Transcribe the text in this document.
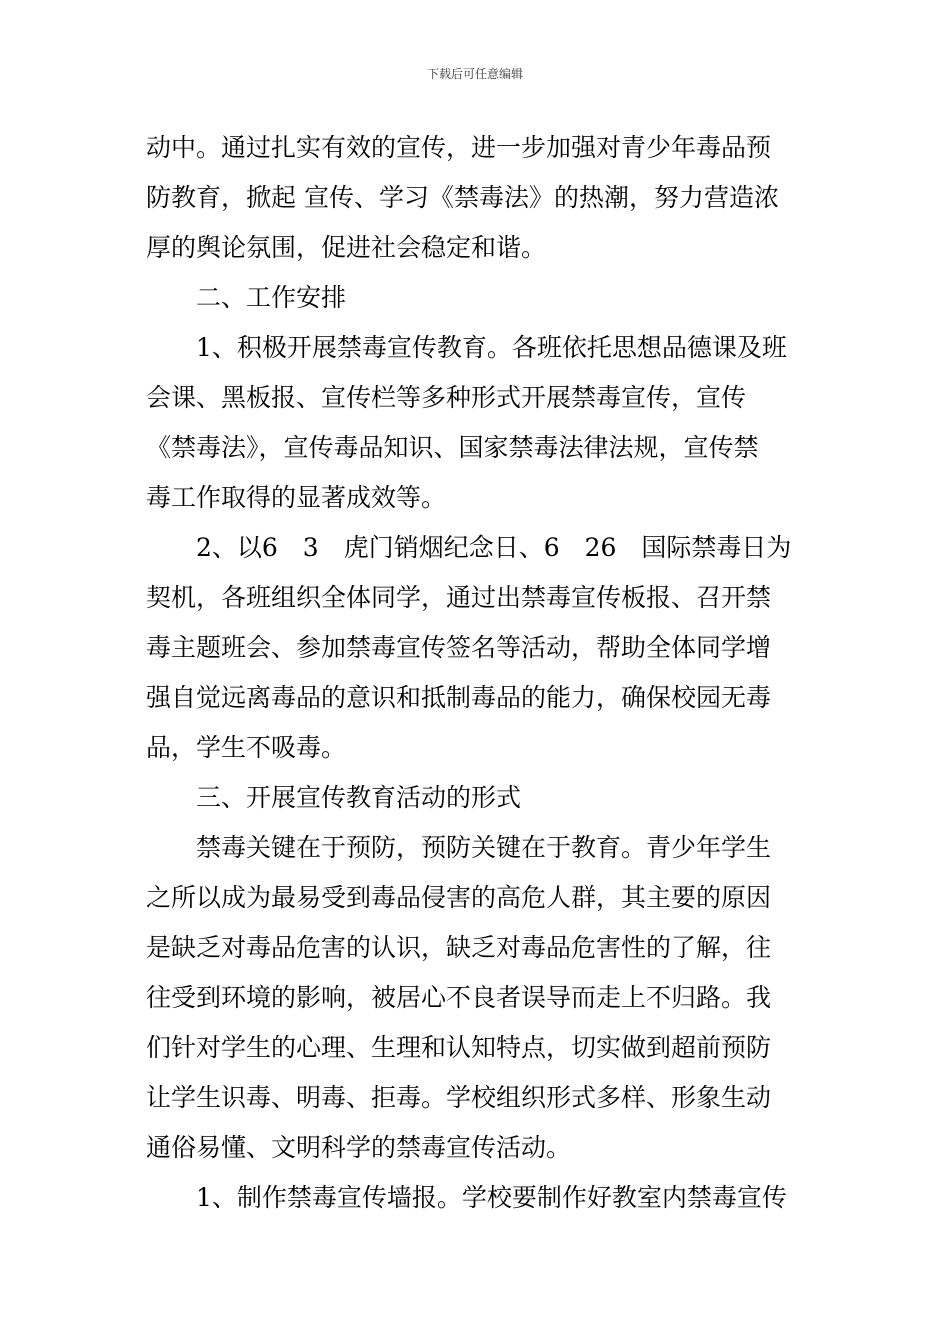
下载后可任意编辑
动中。通过扎实有效的宣传，进一步加强对青少年毒品预
防教育，掀起 宣传、学习《禁毒法》的热潮，努力营造浓
厚的舆论氛围，促进社会稳定和谐。
　　二、工作安排
　　1、积极开展禁毒宣传教育。各班依托思想品德课及班
会课、黑板报、宣传栏等多种形式开展禁毒宣传，宣传
《禁毒法》，宣传毒品知识、国家禁毒法律法规，宣传禁
毒工作取得的显著成效等。
　　2、以6　3　虎门销烟纪念日、6　26　国际禁毒日为
契机，各班组织全体同学，通过出禁毒宣传板报、召开禁
毒主题班会、参加禁毒宣传签名等活动，帮助全体同学增
强自觉远离毒品的意识和抵制毒品的能力，确保校园无毒
品，学生不吸毒。
　　三、开展宣传教育活动的形式
　　禁毒关键在于预防，预防关键在于教育。青少年学生
之所以成为最易受到毒品侵害的高危人群，其主要的原因
是缺乏对毒品危害的认识，缺乏对毒品危害性的了解，往
往受到环境的影响，被居心不良者误导而走上不归路。我
们针对学生的心理、生理和认知特点，切实做到超前预防
让学生识毒、明毒、拒毒。学校组织形式多样、形象生动
通俗易懂、文明科学的禁毒宣传活动。
　　1、制作禁毒宣传墙报。学校要制作好教室内禁毒宣传
